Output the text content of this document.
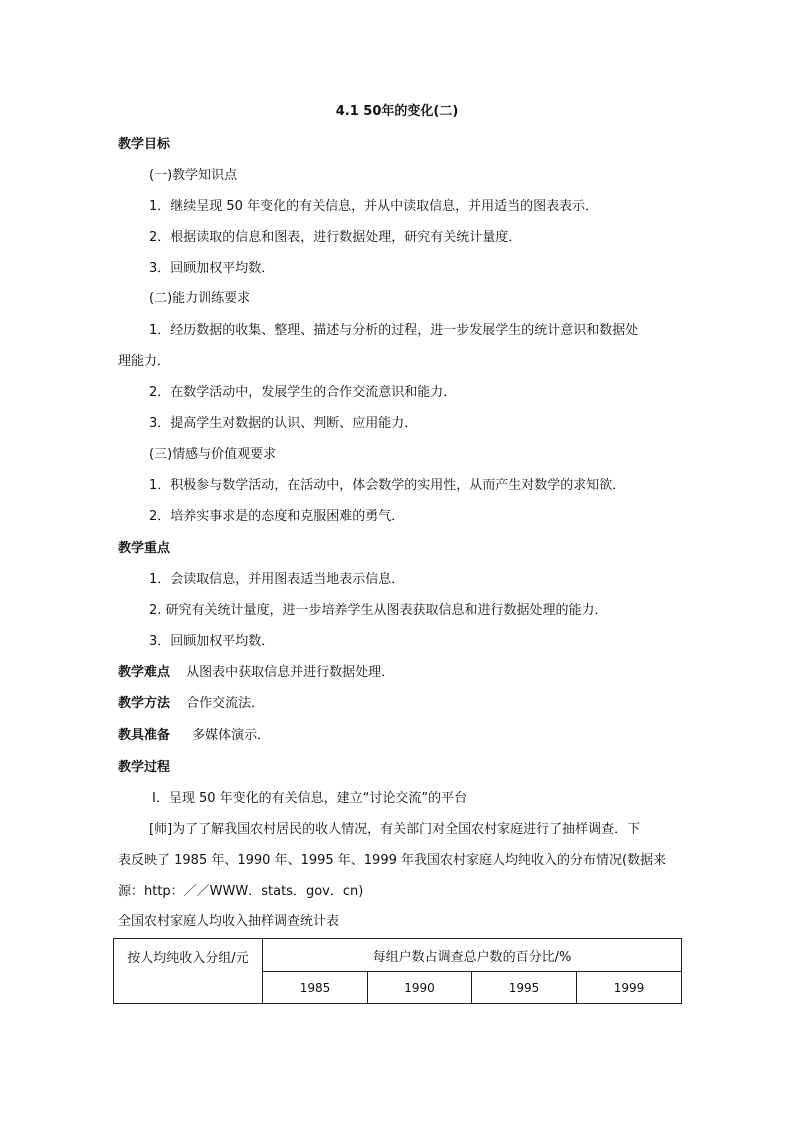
4.1 50年的变化(二)
教学目标
(一)教学知识点
1．继续呈现 50 年变化的有关信息，并从中读取信息，并用适当的图表表示．
2．根据读取的信息和图表，进行数据处理，研究有关统计量度．
3．回顾加权平均数．
(二)能力训练要求
1．经历数据的收集、整理、描述与分析的过程，进一步发展学生的统计意识和数据处
理能力．
2．在数学活动中，发展学生的合作交流意识和能力．
3．提高学生对数据的认识、判断、应用能力．
(三)情感与价值观要求
1．积极参与数学活动，在活动中，体会数学的实用性，从而产生对数学的求知欲．
2．培养实事求是的态度和克服困难的勇气．
教学重点
1．会读取信息，并用图表适当地表示信息．
2. 研究有关统计量度，进一步培养学生从图表获取信息和进行数据处理的能力．
3．回顾加权平均数．
教学难点 从图表中获取信息并进行数据处理．
教学方法 合作交流法．
教具准备 多媒体演示．
教学过程
Ⅰ．呈现 50 年变化的有关信息，建立“讨论交流”的平台
[师]为了了解我国农村居民的收人情况，有关部门对全国农村家庭进行了抽样调查．下
表反映了 1985 年、1990 年、1995 年、1999 年我国农村家庭人均纯收入的分布情况(数据来
源：http：／／WWW．stats．gov．cn)
全国农村家庭人均收入抽样调查统计表
按人均纯收入分组/元	每组户数占调查总户数的百分比/%			
	1985	1990	1995	1999
